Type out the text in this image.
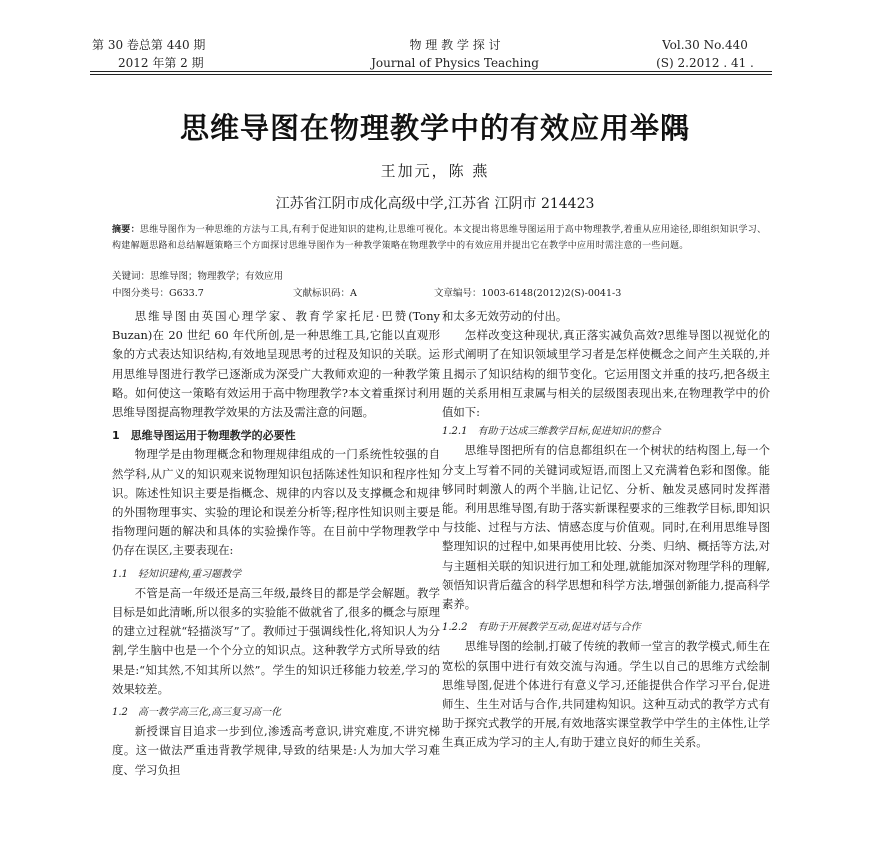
第 30 卷总第 440 期
2012 年第 2 期
物 理 教 学 探 讨
Journal of Physics Teaching
Vol.30 No.440
(S) 2.2012 . 41 .
思维导图在物理教学中的有效应用举隅
王加元，陈 燕
江苏省江阴市成化高级中学,江苏省 江阴市 214423
摘要：思维导图作为一种思维的方法与工具,有利于促进知识的建构,让思维可视化。本文提出将思维导图运用于高中物理教学,着重从应用途径,即组织知识学习、构建解题思路和总结解题策略三个方面探讨思维导图作为一种教学策略在物理教学中的有效应用并提出它在教学中应用时需注意的一些问题。
关键词：思维导图；物理教学；有效应用
中图分类号：G633.7	文献标识码：A	文章编号：1003-6148(2012)2(S)-0041-3

思维导图由英国心理学家、教育学家托尼·巴赞(Tony Buzan)在 20 世纪 60 年代所创,是一种思维工具,它能以直观形象的方式表达知识结构,有效地呈现思考的过程及知识的关联。运用思维导图进行教学已逐渐成为深受广大教师欢迎的一种教学策略。如何使这一策略有效运用于高中物理教学?本文着重探讨利用思维导图提高物理教学效果的方法及需注意的问题。

1　思维导图运用于物理教学的必要性

物理学是由物理概念和物理规律组成的一门系统性较强的自然学科,从广义的知识观来说物理知识包括陈述性知识和程序性知识。陈述性知识主要是指概念、规律的内容以及支撑概念和规律的外围物理事实、实验的理论和误差分析等;程序性知识则主要是指物理问题的解决和具体的实验操作等。在目前中学物理教学中仍存在误区,主要表现在:

1.1　轻知识建构,重习题教学

不管是高一年级还是高三年级,最终目的都是学会解题。教学目标是如此清晰,所以很多的实验能不做就省了,很多的概念与原理的建立过程就“轻描淡写”了。教师过于强调线性化,将知识人为分割,学生脑中也是一个个分立的知识点。这种教学方式所导致的结果是:“知其然,不知其所以然”。学生的知识迁移能力较差,学习的效果较差。

1.2　高一教学高三化,高三复习高一化

新授课盲目追求一步到位,渗透高考意识,讲究难度,不讲究梯度。这一做法严重违背教学规律,导致的结果是:人为加大学习难度、学习负担

和太多无效劳动的付出。

怎样改变这种现状,真正落实减负高效?思维导图以视觉化的形式阐明了在知识领域里学习者是怎样使概念之间产生关联的,并且揭示了知识结构的细节变化。它运用图文并重的技巧,把各级主题的关系用相互隶属与相关的层级图表现出来,在物理教学中的价值如下:

1.2.1　有助于达成三维教学目标,促进知识的整合

思维导图把所有的信息都组织在一个树状的结构图上,每一个分支上写着不同的关键词或短语,而图上又充满着色彩和图像。能够同时刺激人的两个半脑,让记忆、分析、触发灵感同时发挥潜能。利用思维导图,有助于落实新课程要求的三维教学目标,即知识与技能、过程与方法、情感态度与价值观。同时,在利用思维导图整理知识的过程中,如果再使用比较、分类、归纳、概括等方法,对与主题相关联的知识进行加工和处理,就能加深对物理学科的理解,领悟知识背后蕴含的科学思想和科学方法,增强创新能力,提高科学素养。

1.2.2　有助于开展教学互动,促进对话与合作

思维导图的绘制,打破了传统的教师一堂言的教学模式,师生在宽松的氛围中进行有效交流与沟通。学生以自己的思维方式绘制思维导图,促进个体进行有意义学习,还能提供合作学习平台,促进师生、生生对话与合作,共同建构知识。这种互动式的教学方式有助于探究式教学的开展,有效地落实课堂教学中学生的主体性,让学生真正成为学习的主人,有助于建立良好的师生关系。
